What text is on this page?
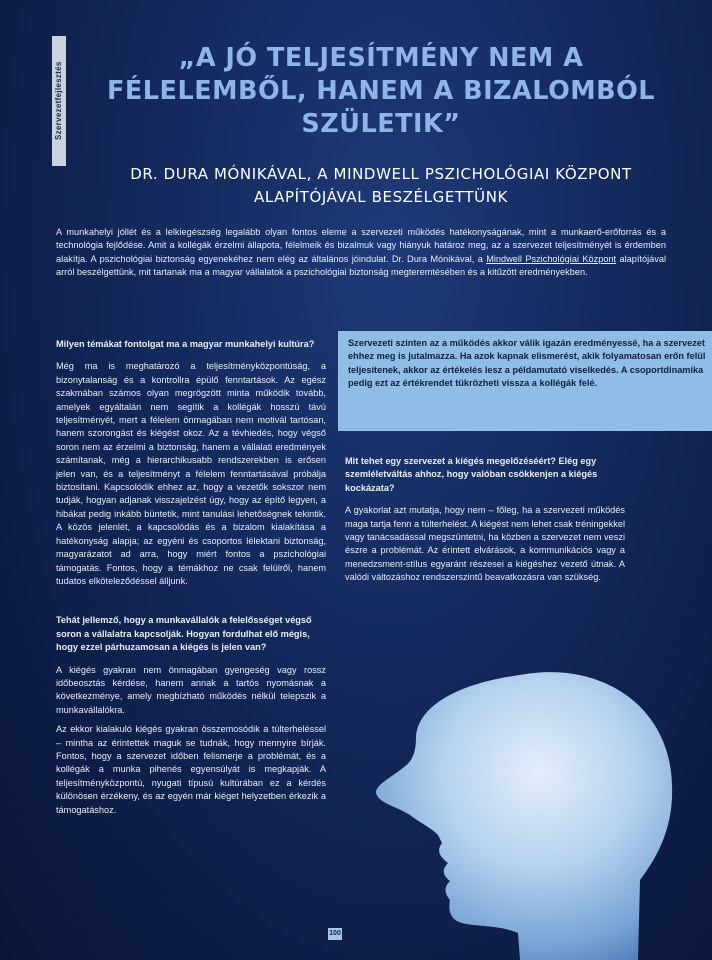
Szervezetfejlesztés
„A JÓ TELJESÍTMÉNY NEM A FÉLELEMBŐL, HANEM A BIZALOMBÓL SZÜLETIK”
DR. DURA MÓNIKÁVAL, A MINDWELL PSZICHOLÓGIAI KÖZPONT ALAPÍTÓJÁVAL BESZÉLGETTÜNK
A munkahelyi jóllét és a lelkiegészség legalább olyan fontos eleme a szervezeti működés hatékonyságának, mint a munkaerő-erőforrás és a technológia fejlődése. Amit a kollégák érzelmi állapota, félelmeik és bizalmuk vagy hiányuk határoz meg, az a szervezet teljesítményét is érdemben alakítja. A pszichológiai biztonság egyenekéhez nem elég az általános jóindulat. Dr. Dura Mónikával, a Mindwell Pszichológiai Központ alapítójával arról beszélgettünk, mit tartanak ma a magyar vállalatok a pszichológiai biztonság megteremtésében és a kitűzött eredményekben.
Milyen témákat fontolgat ma a magyar munkahelyi kultúra?
Még ma is meghatározó a teljesítményközpontúság, a bizonytalanság és a kontrollra épülő fenntartások. Az egész szakmában számos olyan megrögzött minta működik tovább, amelyek egyáltalán nem segítik a kollégák hosszú távú teljesítményét, mert a félelem önmagában nem motivál tartósan, hanem szorongást és kiégést okoz. Az a tévhiedés, hogy végső soron nem az érzelmi a biztonság, hanem a vállalati eredmények számítanak, még a hierarchikusabb rendszerekben is erősen jelen van, és a teljesítményt a félelem fenntartásával próbálja biztosítani. Kapcsolódik ehhez az, hogy a vezetők sokszor nem tudják, hogyan adjanak visszajelzést úgy, hogy az építő legyen, a hibákat pedig inkább büntetik, mint tanulási lehetőségnek tekintik. A közös jelenlét, a kapcsolódás és a bizalom kialakítása a hatékonyság alapja; az egyéni és csoportos lélektani biztonság, magyarázatot ad arra, hogy miért fontos a pszichológiai támogatás. Fontos, hogy a témákhoz ne csak felülről, hanem tudatos elköteleződéssel álljunk.
Tehát jellemző, hogy a munkavállalók a felelősséget végső soron a vállalatra kapcsolják. Hogyan fordulhat elő mégis, hogy ezzel párhuzamosan a kiégés is jelen van?
A kiégés gyakran nem önmagában gyengeség vagy rossz időbeosztás kérdése, hanem annak a tartós nyomásnak a következménye, amely megbízható működés nélkül telepszik a munkavállalókra.
Az ekkor kialakuló kiégés gyakran összemosódik a túlterheléssel – mintha az érintettek maguk se tudnák, hogy mennyire bírják. Fontos, hogy a szervezet időben felismerje a problémát, és a kollégák a munka pihenés egyensúlyát is megkapják. A teljesítményközpontú, nyugati típusú kultúrában ez a kérdés különösen érzékeny, és az egyén már kiéget helyzetben érkezik a támogatáshoz.
Szervezeti szinten az a működés akkor válik igazán eredményessé, ha a szervezet ehhez meg is jutalmazza. Ha azok kapnak elismerést, akik folyamatosan erőn felül teljesítenek, akkor az értékelés lesz a példamutató viselkedés. A csoportdinamika pedig ezt az értékrendet tükrözheti vissza a kollégák felé.
Mit tehet egy szervezet a kiégés megelőzéséért? Elég egy szemléletváltás ahhoz, hogy valóban csökkenjen a kiégés kockázata?
A gyakorlat azt mutatja, hogy nem – főleg, ha a szervezeti működés maga tartja fenn a túlterhelést. A kiégést nem lehet csak tréningekkel vagy tanácsadással megszüntetni, ha közben a szervezet nem veszi észre a problémát. Az érintett elvárások, a kommunikációs vagy a menedzsment-stílus egyaránt részesei a kiégéshez vezető útnak. A valódi változáshoz rendszerszintű beavatkozásra van szükség.
100
